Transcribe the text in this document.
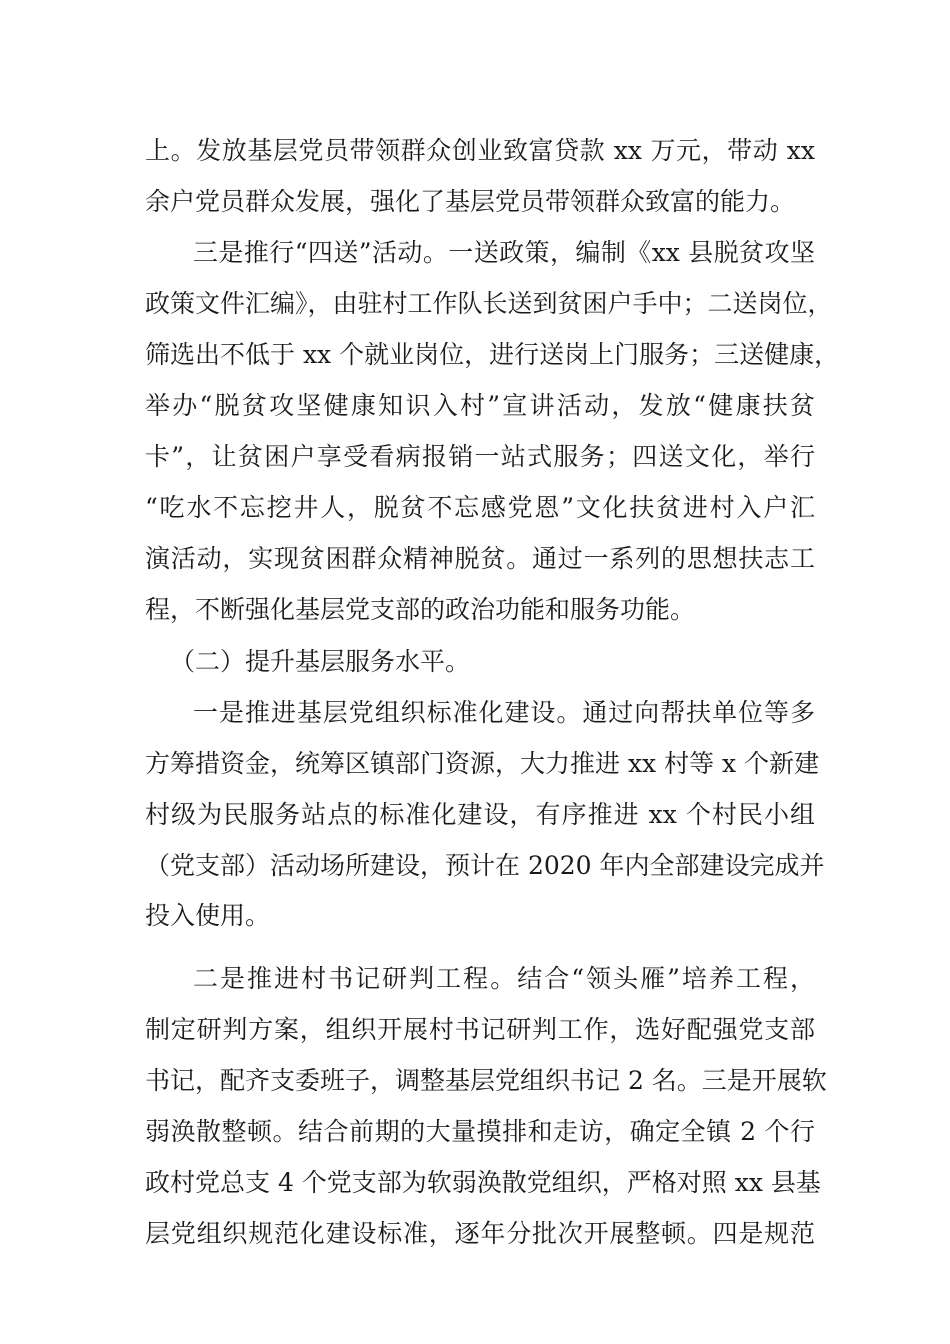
上。发放基层党员带领群众创业致富贷款 xx 万元，带动 xx
余户党员群众发展，强化了基层党员带领群众致富的能力。
三是推行“四送”活动。一送政策，编制《xx 县脱贫攻坚
政策文件汇编》，由驻村工作队长送到贫困户手中；二送岗位，
筛选出不低于 xx 个就业岗位，进行送岗上门服务；三送健康，
举办“脱贫攻坚健康知识入村”宣讲活动，发放“健康扶贫
卡”，让贫困户享受看病报销一站式服务；四送文化，举行
“吃水不忘挖井人，脱贫不忘感党恩”文化扶贫进村入户汇
演活动，实现贫困群众精神脱贫。通过一系列的思想扶志工
程，不断强化基层党支部的政治功能和服务功能。
（二）提升基层服务水平。
一是推进基层党组织标准化建设。通过向帮扶单位等多
方筹措资金，统筹区镇部门资源，大力推进 xx 村等 x 个新建
村级为民服务站点的标准化建设，有序推进 xx 个村民小组
（党支部）活动场所建设，预计在 2020 年内全部建设完成并
投入使用。
二是推进村书记研判工程。结合“领头雁”培养工程，
制定研判方案，组织开展村书记研判工作，选好配强党支部
书记，配齐支委班子，调整基层党组织书记 2 名。三是开展软
弱涣散整顿。结合前期的大量摸排和走访，确定全镇 2 个行
政村党总支 4 个党支部为软弱涣散党组织，严格对照 xx 县基
层党组织规范化建设标准，逐年分批次开展整顿。四是规范
